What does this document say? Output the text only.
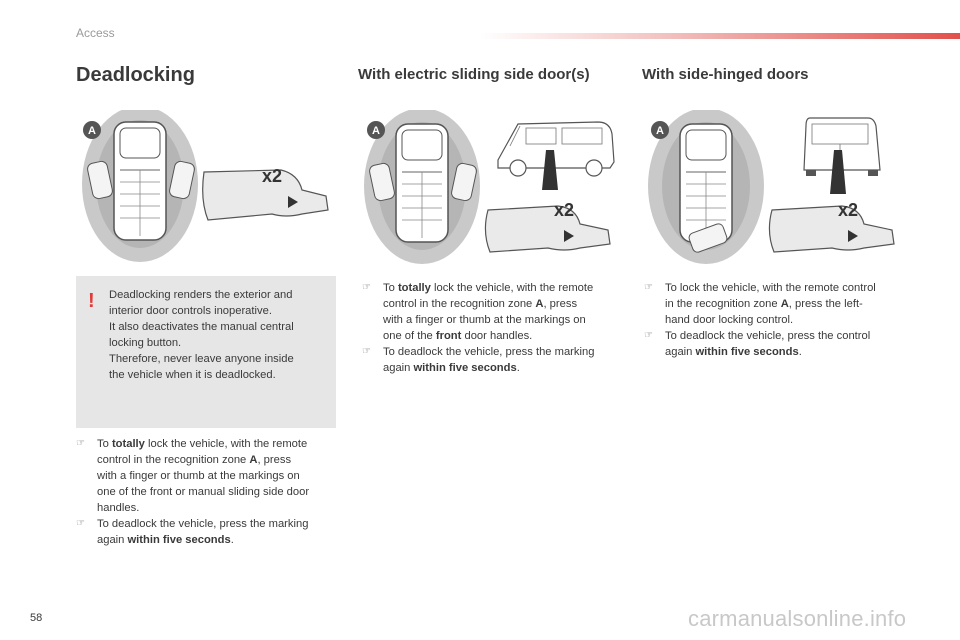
Access
Deadlocking	With electric sliding side door(s)	With side-hinged doors
A
x2
A
x2
A
x2
! Deadlocking renders the exterior and
interior door controls inoperative.
It also deactivates the manual central
locking button.
Therefore, never leave anyone inside
the vehicle when it is deadlocked.
☞ To totally lock the vehicle, with the remote
control in the recognition zone A, press
with a finger or thumb at the markings on
one of the front or manual sliding side door
handles.
☞ To deadlock the vehicle, press the marking
again within five seconds.
☞ To totally lock the vehicle, with the remote
control in the recognition zone A, press
with a finger or thumb at the markings on
one of the front door handles.
☞ To deadlock the vehicle, press the marking
again within five seconds.
☞ To lock the vehicle, with the remote control
in the recognition zone A, press the left-
hand door locking control.
☞ To deadlock the vehicle, press the control
again within five seconds.
58	carmanualsonline.info
